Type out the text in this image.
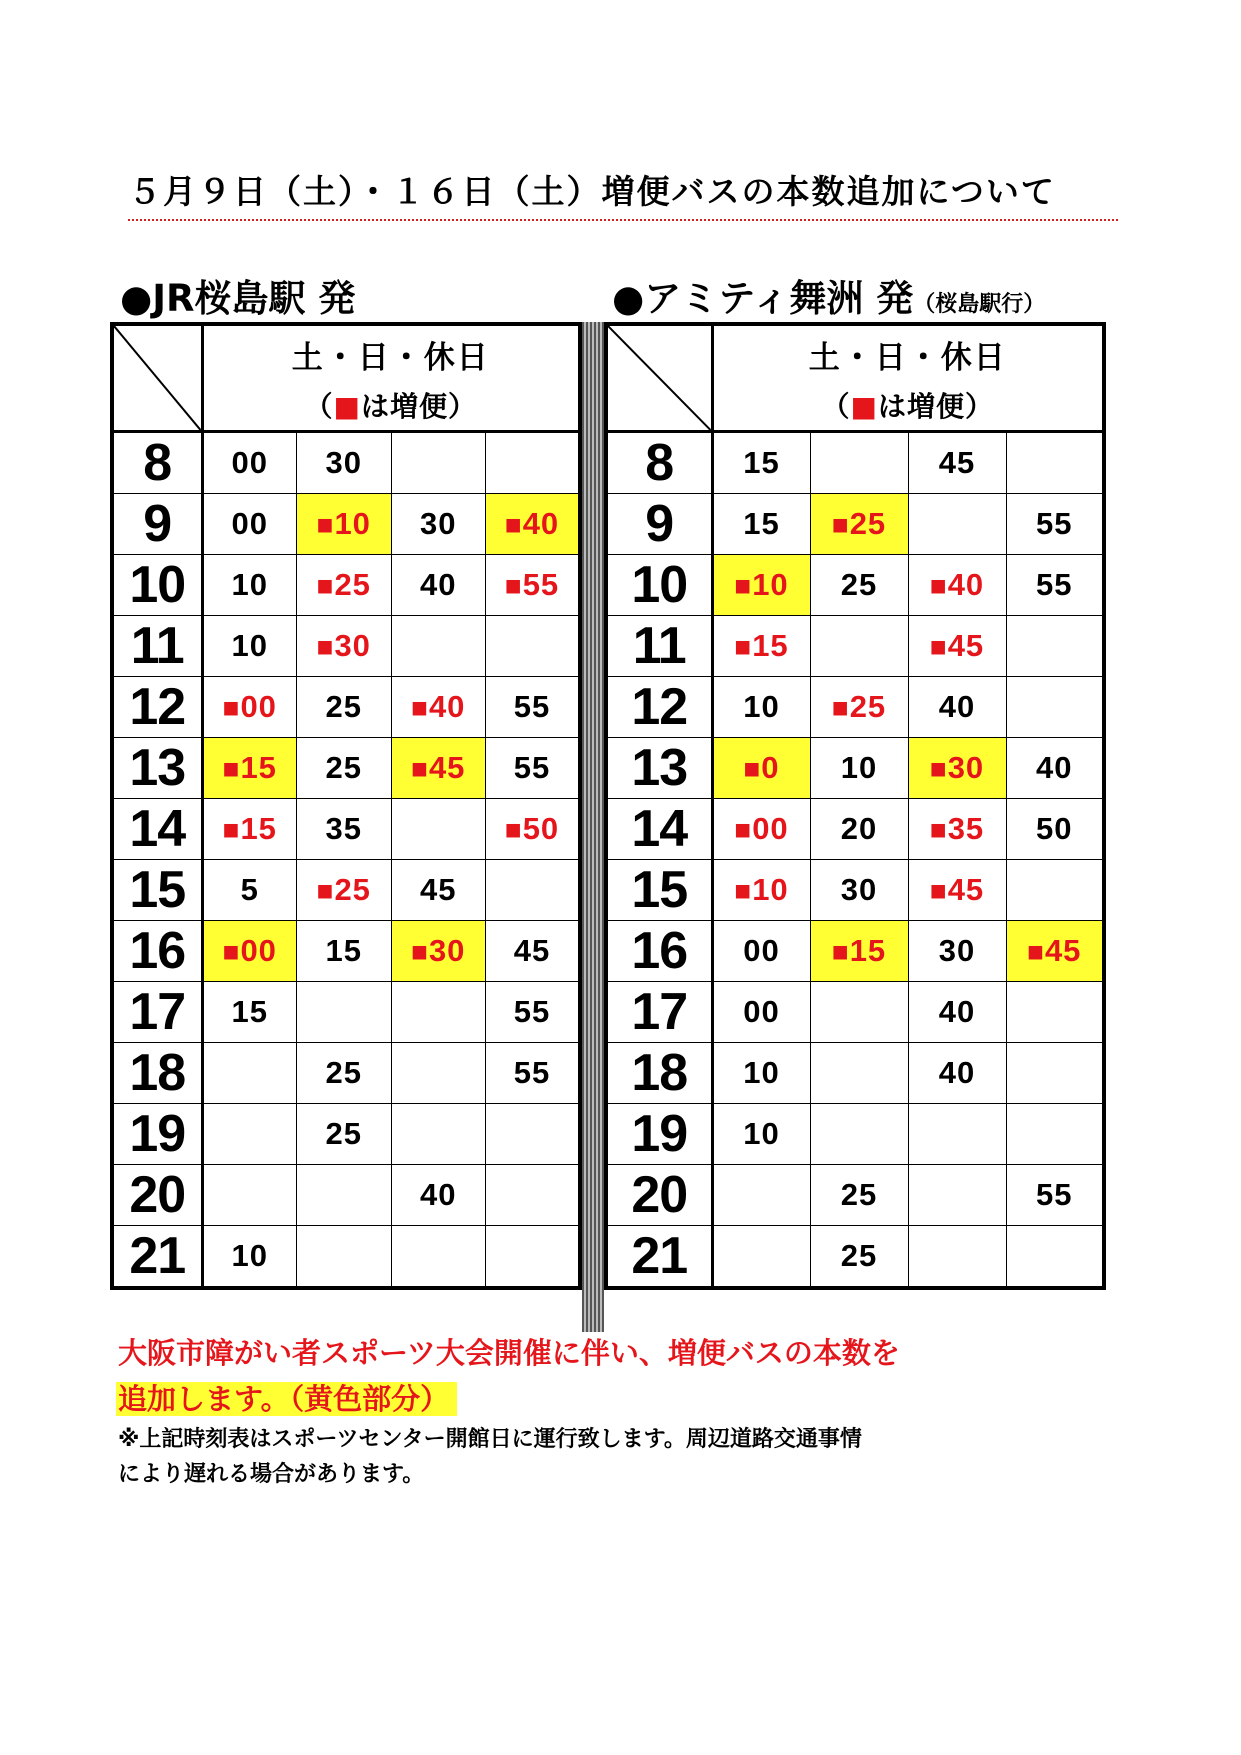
５月９日（土）・１６日（土）増便バスの本数追加について
●JR桜島駅 発	●アミティ舞洲 発（桜島駅行）

土・日・休日
（■は増便）			

8	00	30		
9	00	■10	30	■40
10	10	■25	40	■55
11	10	■30		
12	■00	25	■40	55
13	■15	25	■45	55
14	■15	35		■50
15	5	■25	45	
16	■00	15	■30	45
17	15			55
18		25		55
19		25		
20			40	
21	10			

土・日・休日
（■は増便）			

8	15		45	
9	15	■25		55
10	■10	25	■40	55
11	■15		■45	
12	10	■25	40	
13	■0	10	■30	40
14	■00	20	■35	50
15	■10	30	■45	
16	00	■15	30	■45
17	00		40	
18	10		40	
19	10			
20		25		55
21		25		
大阪市障がい者スポーツ大会開催に伴い、増便バスの本数を
追加します。（黄色部分）
※上記時刻表はスポーツセンター開館日に運行致します。周辺道路交通事情
により遅れる場合があります。
